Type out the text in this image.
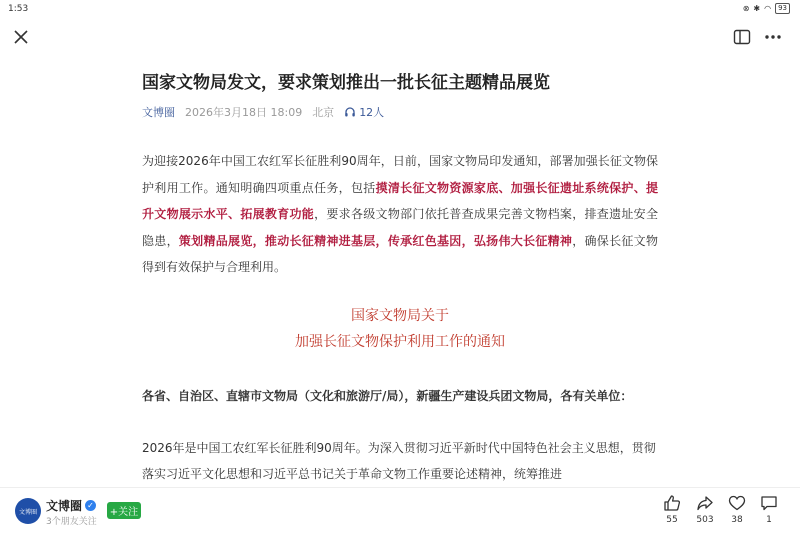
1:53	⊗ ✱ ◠	93
国家文物局发文，要求策划推出一批长征主题精品展览
文博圈 2026年3月18日 18:09 北京 12人

为迎接2026年中国工农红军长征胜利90周年，日前，国家文物局印发通知，部署加强长征文物保护利用工作。通知明确四项重点任务，包括摸清长征文物资源家底、加强长征遗址系统保护、提升文物展示水平、拓展教育功能，要求各级文物部门依托普查成果完善文物档案，排查遗址安全隐患，策划精品展览，推动长征精神进基层，传承红色基因，弘扬伟大长征精神，确保长征文物得到有效保护与合理利用。

国家文物局关于
加强长征文物保护利用工作的通知

各省、自治区、直辖市文物局（文化和旅游厅/局），新疆生产建设兵团文物局，各有关单位：

2026年是中国工农红军长征胜利90周年。为深入贯彻习近平新时代中国特色社会主义思想，贯彻落实习近平文化思想和习近平总书记关于革命文物工作重要论述精神，统筹推进

文博圈 文博圈 ✓
3个朋友关注
+关注
55	503	38	1
